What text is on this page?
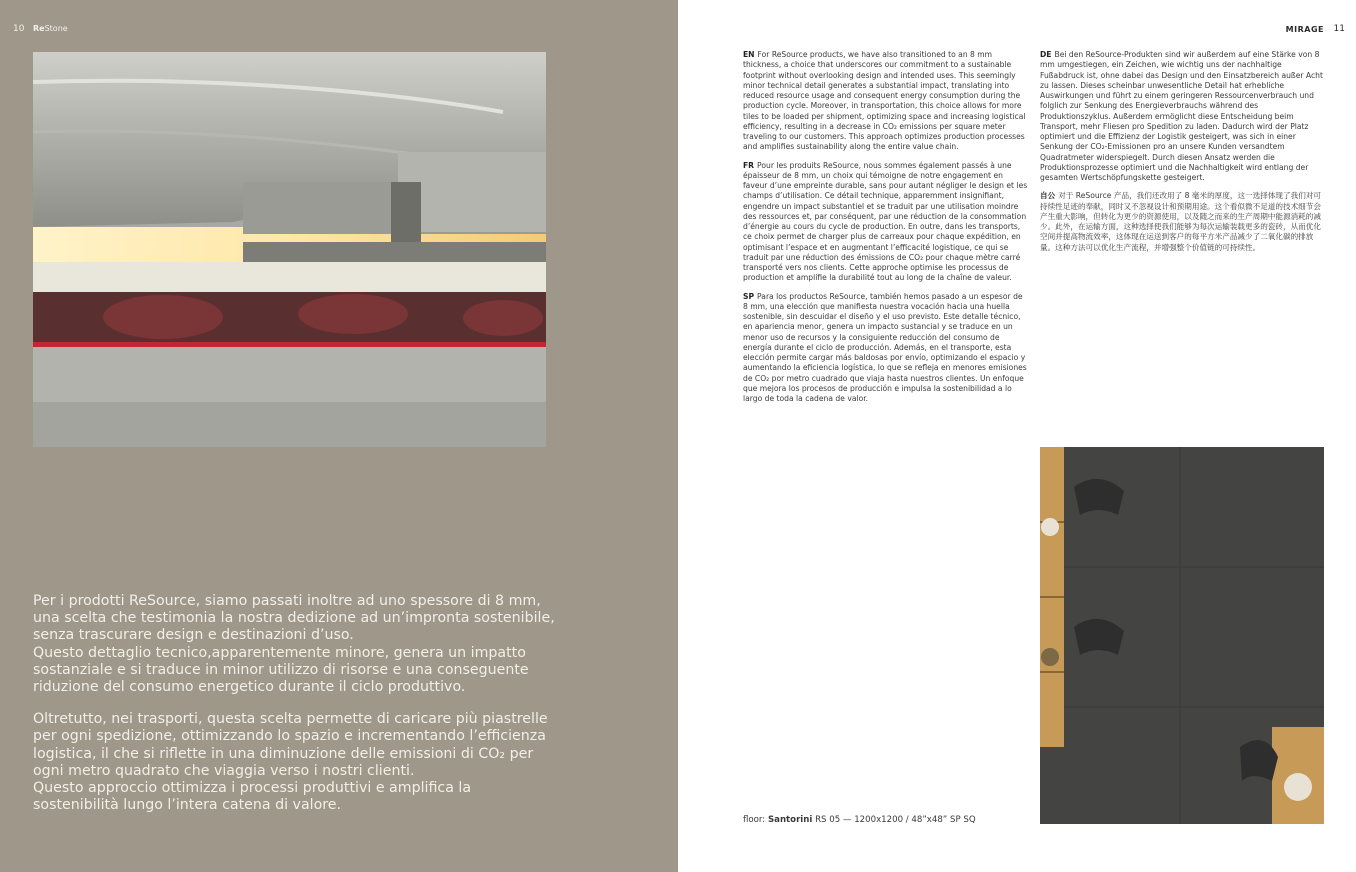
10 ReStone

Per i prodotti ReSource, siamo passati inoltre ad uno spessore di 8 mm,
una scelta che testimonia la nostra dedizione ad un’impronta sostenibile,
senza trascurare design e destinazioni d’uso.
Questo dettaglio tecnico,apparentemente minore, genera un impatto
sostanziale e si traduce in minor utilizzo di risorse e una conseguente
riduzione del consumo energetico durante il ciclo produttivo.

Oltretutto, nei trasporti, questa scelta permette di caricare più piastrelle
per ogni spedizione, ottimizzando lo spazio e incrementando l’efficienza
logistica, il che si riflette in una diminuzione delle emissioni di CO₂ per
ogni metro quadrato che viaggia verso i nostri clienti.
Questo approccio ottimizza i processi produttivi e amplifica la
sostenibilità lungo l’intera catena di valore.

MIRAGE 11

EN For ReSource products, we have also transitioned to an 8 mm thickness, a choice that underscores our commitment to a sustainable footprint without overlooking design and intended uses. This seemingly minor technical detail generates a substantial impact, translating into reduced resource usage and consequent energy consumption during the production cycle. Moreover, in transportation, this choice allows for more tiles to be loaded per shipment, optimizing space and increasing logistical efficiency, resulting in a decrease in CO₂ emissions per square meter traveling to our customers. This approach optimizes production processes and amplifies sustainability along the entire value chain.

FR Pour les produits ReSource, nous sommes également passés à une épaisseur de 8 mm, un choix qui témoigne de notre engagement en faveur d’une empreinte durable, sans pour autant négliger le design et les champs d’utilisation. Ce détail technique, apparemment insignifiant, engendre un impact substantiel et se traduit par une utilisation moindre des ressources et, par conséquent, par une réduction de la consommation d’énergie au cours du cycle de production. En outre, dans les transports, ce choix permet de charger plus de carreaux pour chaque expédition, en optimisant l’espace et en augmentant l’efficacité logistique, ce qui se traduit par une réduction des émissions de CO₂ pour chaque mètre carré transporté vers nos clients. Cette approche optimise les processus de production et amplifie la durabilité tout au long de la chaîne de valeur.

SP Para los productos ReSource, también hemos pasado a un espesor de 8 mm, una elección que manifiesta nuestra vocación hacia una huella sostenible, sin descuidar el diseño y el uso previsto. Este detalle técnico, en apariencia menor, genera un impacto sustancial y se traduce en un menor uso de recursos y la consiguiente reducción del consumo de energía durante el ciclo de producción. Además, en el transporte, esta elección permite cargar más baldosas por envío, optimizando el espacio y aumentando la eficiencia logística, lo que se refleja en menores emisiones de CO₂ por metro cuadrado que viaja hasta nuestros clientes. Un enfoque que mejora los procesos de producción e impulsa la sostenibilidad a lo largo de toda la cadena de valor.

DE Bei den ReSource-Produkten sind wir außerdem auf eine Stärke von 8 mm umgestiegen, ein Zeichen, wie wichtig uns der nachhaltige Fußabdruck ist, ohne dabei das Design und den Einsatzbereich außer Acht zu lassen. Dieses scheinbar unwesentliche Detail hat erhebliche Auswirkungen und führt zu einem geringeren Ressourcenverbrauch und folglich zur Senkung des Energieverbrauchs während des Produktionszyklus. Außerdem ermöglicht diese Entscheidung beim Transport, mehr Fliesen pro Spedition zu laden. Dadurch wird der Platz optimiert und die Effizienz der Logistik gesteigert, was sich in einer Senkung der CO₂-Emissionen pro an unsere Kunden versandtem Quadratmeter widerspiegelt. Durch diesen Ansatz werden die Produktionsprozesse optimiert und die Nachhaltigkeit wird entlang der gesamten Wertschöpfungskette gesteigert.

自公 对于 ReSource 产品，我们还改用了 8 毫米的厚度，这一选择体现了我们对可持续性足迹的奉献，同时又不忽视设计和预期用途。这个看似微不足道的技术细节会产生重大影响，但转化为更少的资源使用，以及随之而来的生产周期中能源消耗的减少。此外，在运输方面，这种选择使我们能够为每次运输装载更多的瓷砖，从而优化空间并提高物流效率，这体现在运送到客户的每平方米产品减少了二氧化碳的排放量。这种方法可以优化生产流程，并增强整个价值链的可持续性。

floor: Santorini RS 05 — 1200x1200 / 48”x48” SP SQ
